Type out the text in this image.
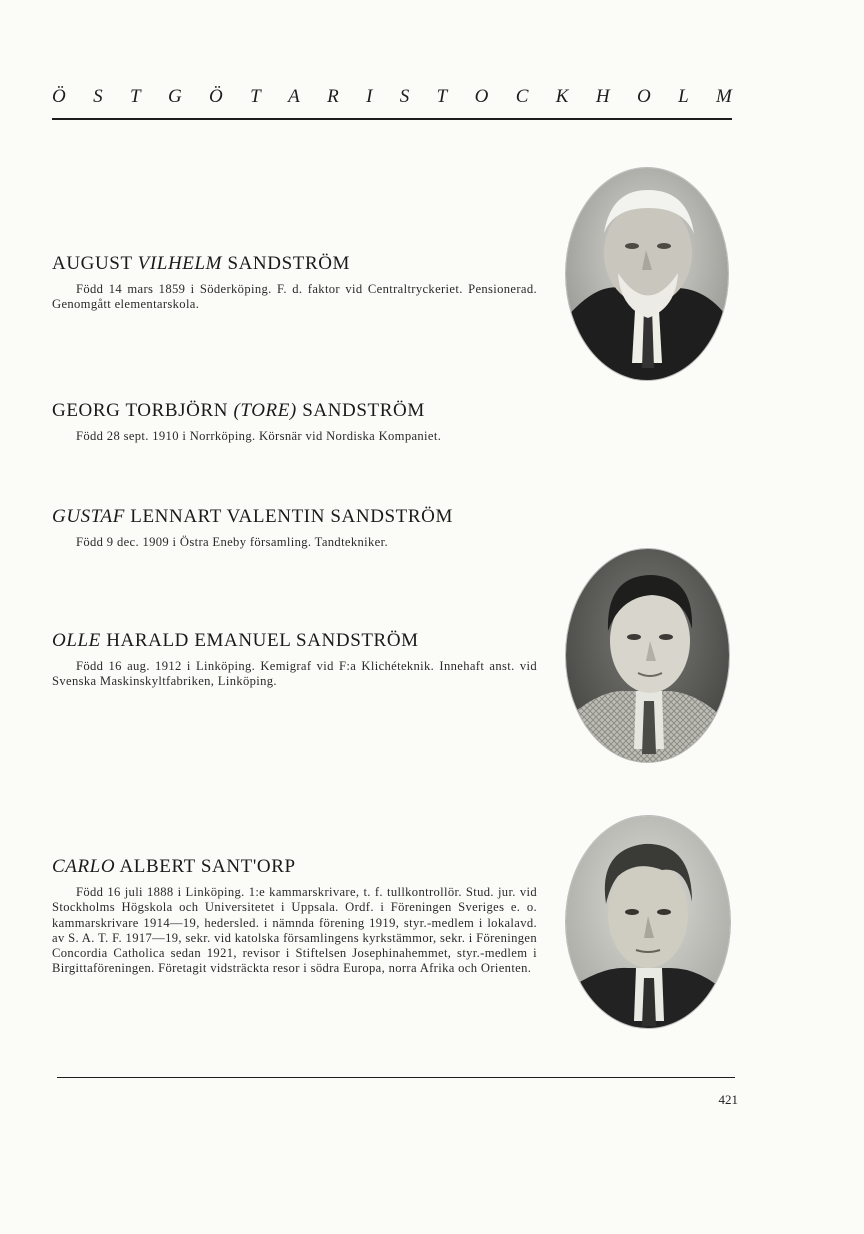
Ö S T G Ö T A R I S T O C K H O L M
AUGUST VILHELM SANDSTRÖM
Född 14 mars 1859 i Söderköping. F. d. faktor vid Centraltryckeriet. Pensionerad. Genomgått elementarskola.
GEORG TORBJÖRN (TORE) SANDSTRÖM
Född 28 sept. 1910 i Norrköping. Körsnär vid Nordiska Kompaniet.
GUSTAF LENNART VALENTIN SANDSTRÖM
Född 9 dec. 1909 i Östra Eneby församling. Tandtekniker.
OLLE HARALD EMANUEL SANDSTRÖM
Född 16 aug. 1912 i Linköping. Kemigraf vid F:a Klichéteknik. Innehaft anst. vid Svenska Maskinskyltfabriken, Linköping.
CARLO ALBERT SANT'ORP
Född 16 juli 1888 i Linköping. 1:e kammarskrivare, t. f. tullkontrollör. Stud. jur. vid Stockholms Högskola och Universitetet i Uppsala. Ordf. i Föreningen Sveriges e. o. kammarskrivare 1914—19, hedersled. i nämnda förening 1919, styr.-medlem i lokalavd. av S. A. T. F. 1917—19, sekr. vid katolska församlingens kyrkstämmor, sekr. i Föreningen Concordia Catholica sedan 1921, revisor i Stiftelsen Josephinahemmet, styr.-medlem i Birgittaföreningen. Företagit vidsträckta resor i södra Europa, norra Afrika och Orienten.
421
